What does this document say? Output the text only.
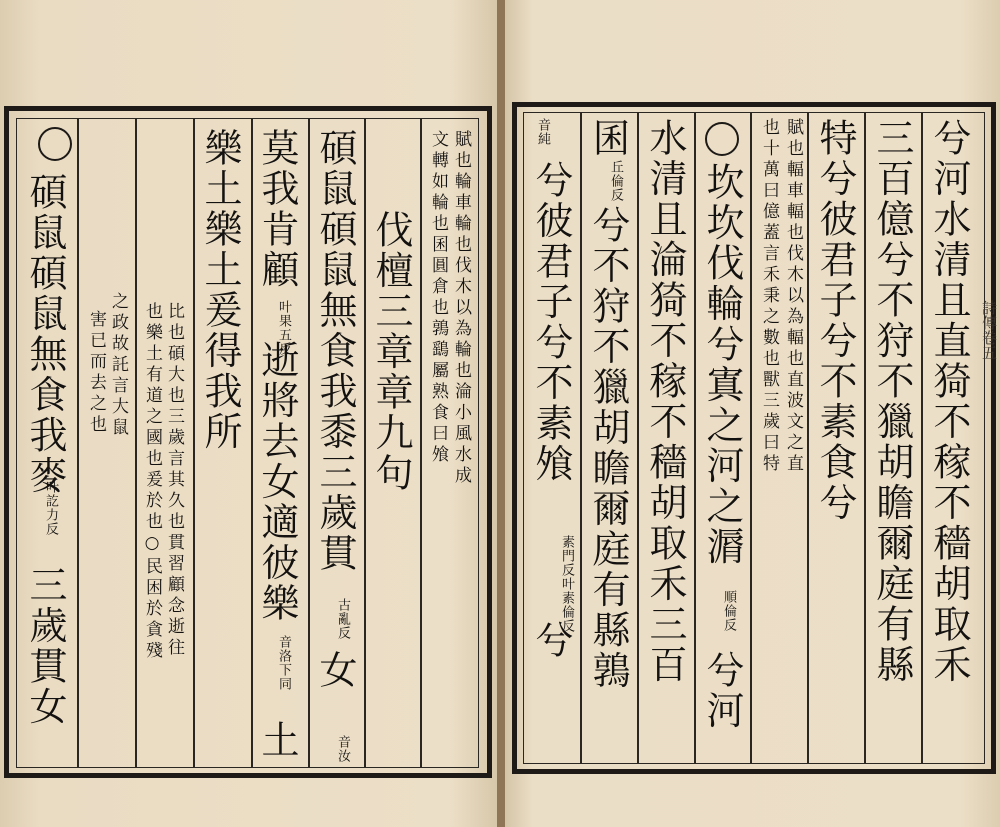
碩鼠碩鼠無食我麥
叶訖力反
三歲貫女
之政故託言大鼠
害已而去之也	比也碩大也三歲言其久也貫習顧念逝往
也樂土有道之國也爰於也○民困於貪殘
樂土樂土爰得我所 莫我肯顧
叶果五反
逝將去女適彼樂
音洛下同
土
碩鼠碩鼠無食我黍三歲貫
古亂反
女
音汝
伐檀三章章九句 賦也輪車輪也伐木以為輪也淪小風水成
文轉如輪也囷圓倉也鶉鷂屬熟食曰飧	音純
兮彼君子兮不素飧
素門反叶素倫反
兮
囷
丘倫反
兮不狩不獵胡瞻爾庭有縣鶉 水清且淪猗不稼不穡胡取禾三百 坎坎伐輪兮寘之河之漘
順倫反
兮河
賦也輻車輻也伐木以為輻也直波文之直
也十萬曰億蓋言禾秉之數也獸三歲曰特 特兮彼君子兮不素食兮 三百億兮不狩不獵胡瞻爾庭有縣 兮河水清且直猗不稼不穡胡取禾 詩傳卷五
